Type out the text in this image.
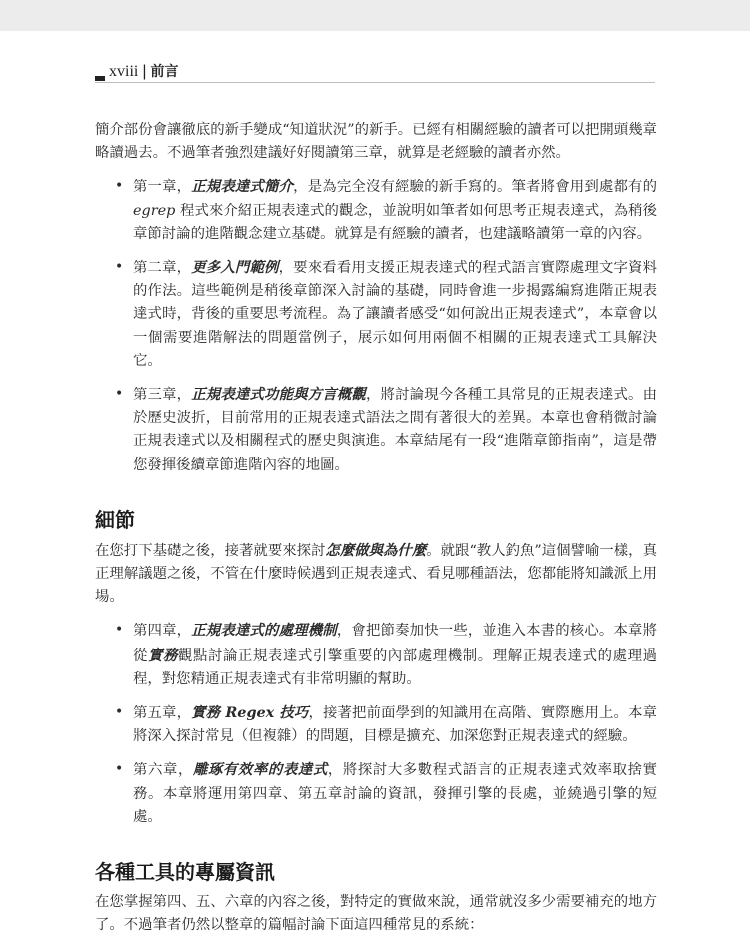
xviii | 前言

簡介部份會讓徹底的新手變成“知道狀況”的新手。已經有相關經驗的讀者可以把開頭幾章略讀過去。不過筆者強烈建議好好閱讀第三章，就算是老經驗的讀者亦然。

• 第一章，正規表達式簡介，是為完全沒有經驗的新手寫的。筆者將會用到處都有的 egrep 程式來介紹正規表達式的觀念，並說明如筆者如何思考正規表達式，為稍後章節討論的進階觀念建立基礎。就算是有經驗的讀者，也建議略讀第一章的內容。
• 第二章，更多入門範例，要來看看用支援正規表達式的程式語言實際處理文字資料的作法。這些範例是稍後章節深入討論的基礎，同時會進一步揭露編寫進階正規表達式時，背後的重要思考流程。為了讓讀者感受“如何說出正規表達式”，本章會以一個需要進階解法的問題當例子，展示如何用兩個不相關的正規表達式工具解決它。
• 第三章，正規表達式功能與方言概觀，將討論現今各種工具常見的正規表達式。由於歷史波折，目前常用的正規表達式語法之間有著很大的差異。本章也會稍微討論正規表達式以及相關程式的歷史與演進。本章結尾有一段“進階章節指南”，這是帶您發揮後續章節進階內容的地圖。
細節

在您打下基礎之後，接著就要來探討怎麼做與為什麼。就跟“教人釣魚”這個譬喻一樣，真正理解議題之後，不管在什麼時候遇到正規表達式、看見哪種語法，您都能將知識派上用場。

• 第四章，正規表達式的處理機制，會把節奏加快一些，並進入本書的核心。本章將從實務觀點討論正規表達式引擎重要的內部處理機制。理解正規表達式的處理過程，對您精通正規表達式有非常明顯的幫助。
• 第五章，實務 Regex 技巧，接著把前面學到的知識用在高階、實際應用上。本章將深入探討常見（但複雜）的問題，目標是擴充、加深您對正規表達式的經驗。
• 第六章，雕琢有效率的表達式，將探討大多數程式語言的正規表達式效率取捨實務。本章將運用第四章、第五章討論的資訊，發揮引擎的長處，並繞過引擎的短處。
各種工具的專屬資訊

在您掌握第四、五、六章的內容之後，對特定的實做來說，通常就沒多少需要補充的地方了。不過筆者仍然以整章的篇幅討論下面這四種常見的系統：
